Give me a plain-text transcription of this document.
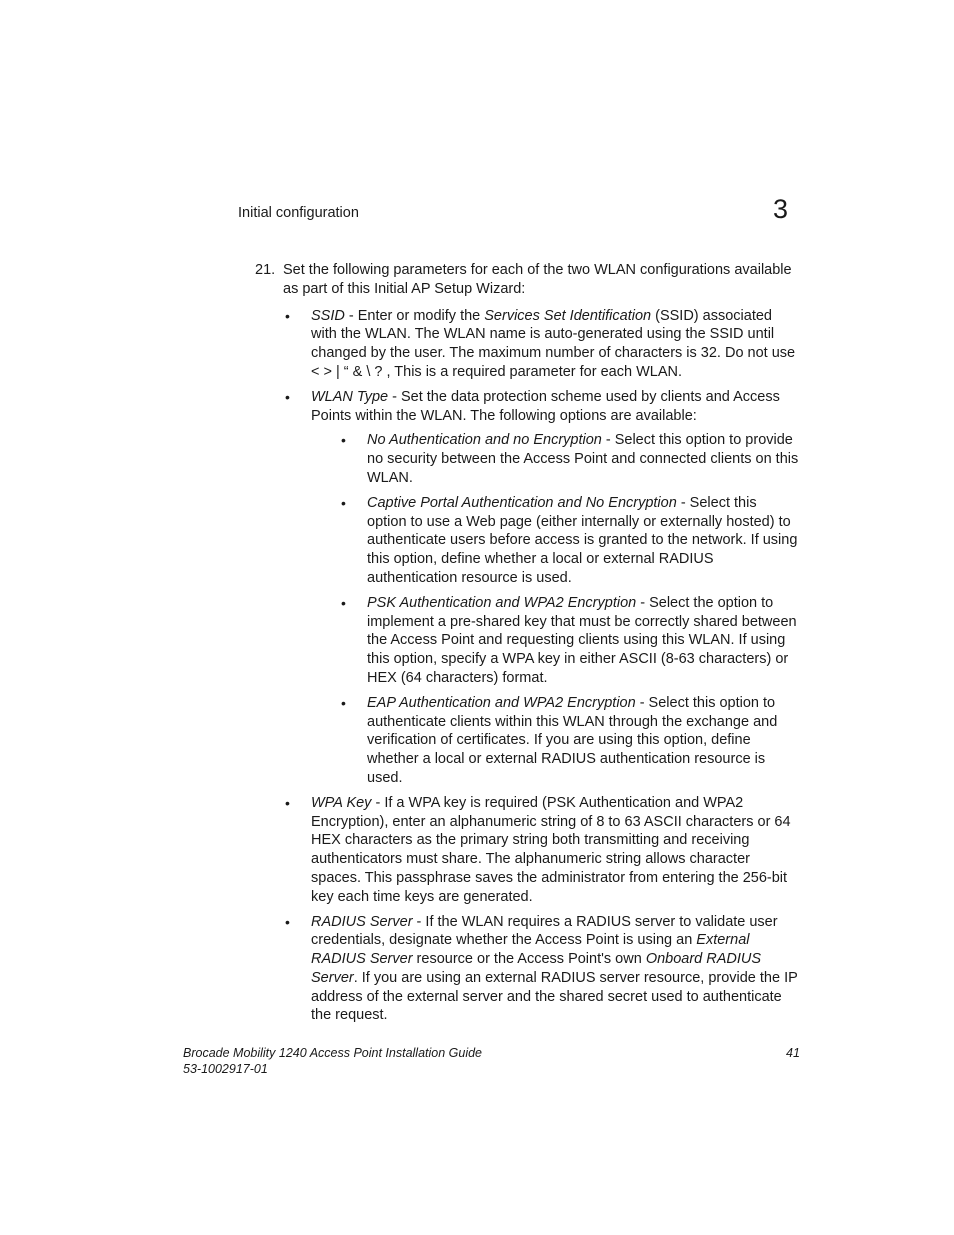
Initial configuration	3
21. Set the following parameters for each of the two WLAN configurations available as part of this Initial AP Setup Wizard:
• SSID - Enter or modify the Services Set Identification (SSID) associated with the WLAN. The WLAN name is auto-generated using the SSID until changed by the user. The maximum number of characters is 32. Do not use < > | “ & \ ? , This is a required parameter for each WLAN.
• WLAN Type - Set the data protection scheme used by clients and Access Points within the WLAN. The following options are available:
• No Authentication and no Encryption - Select this option to provide no security between the Access Point and connected clients on this WLAN.
• Captive Portal Authentication and No Encryption - Select this option to use a Web page (either internally or externally hosted) to authenticate users before access is granted to the network. If using this option, define whether a local or external RADIUS authentication resource is used.
• PSK Authentication and WPA2 Encryption - Select the option to implement a pre-shared key that must be correctly shared between the Access Point and requesting clients using this WLAN. If using this option, specify a WPA key in either ASCII (8-63 characters) or HEX (64 characters) format.
• EAP Authentication and WPA2 Encryption - Select this option to authenticate clients within this WLAN through the exchange and verification of certificates. If you are using this option, define whether a local or external RADIUS authentication resource is used.
• WPA Key - If a WPA key is required (PSK Authentication and WPA2 Encryption), enter an alphanumeric string of 8 to 63 ASCII characters or 64 HEX characters as the primary string both transmitting and receiving authenticators must share. The alphanumeric string allows character spaces. This passphrase saves the administrator from entering the 256-bit key each time keys are generated.
• RADIUS Server - If the WLAN requires a RADIUS server to validate user credentials, designate whether the Access Point is using an External RADIUS Server resource or the Access Point's own Onboard RADIUS Server. If you are using an external RADIUS server resource, provide the IP address of the external server and the shared secret used to authenticate the request.
Brocade Mobility 1240 Access Point Installation Guide
53-1002917-01
41
